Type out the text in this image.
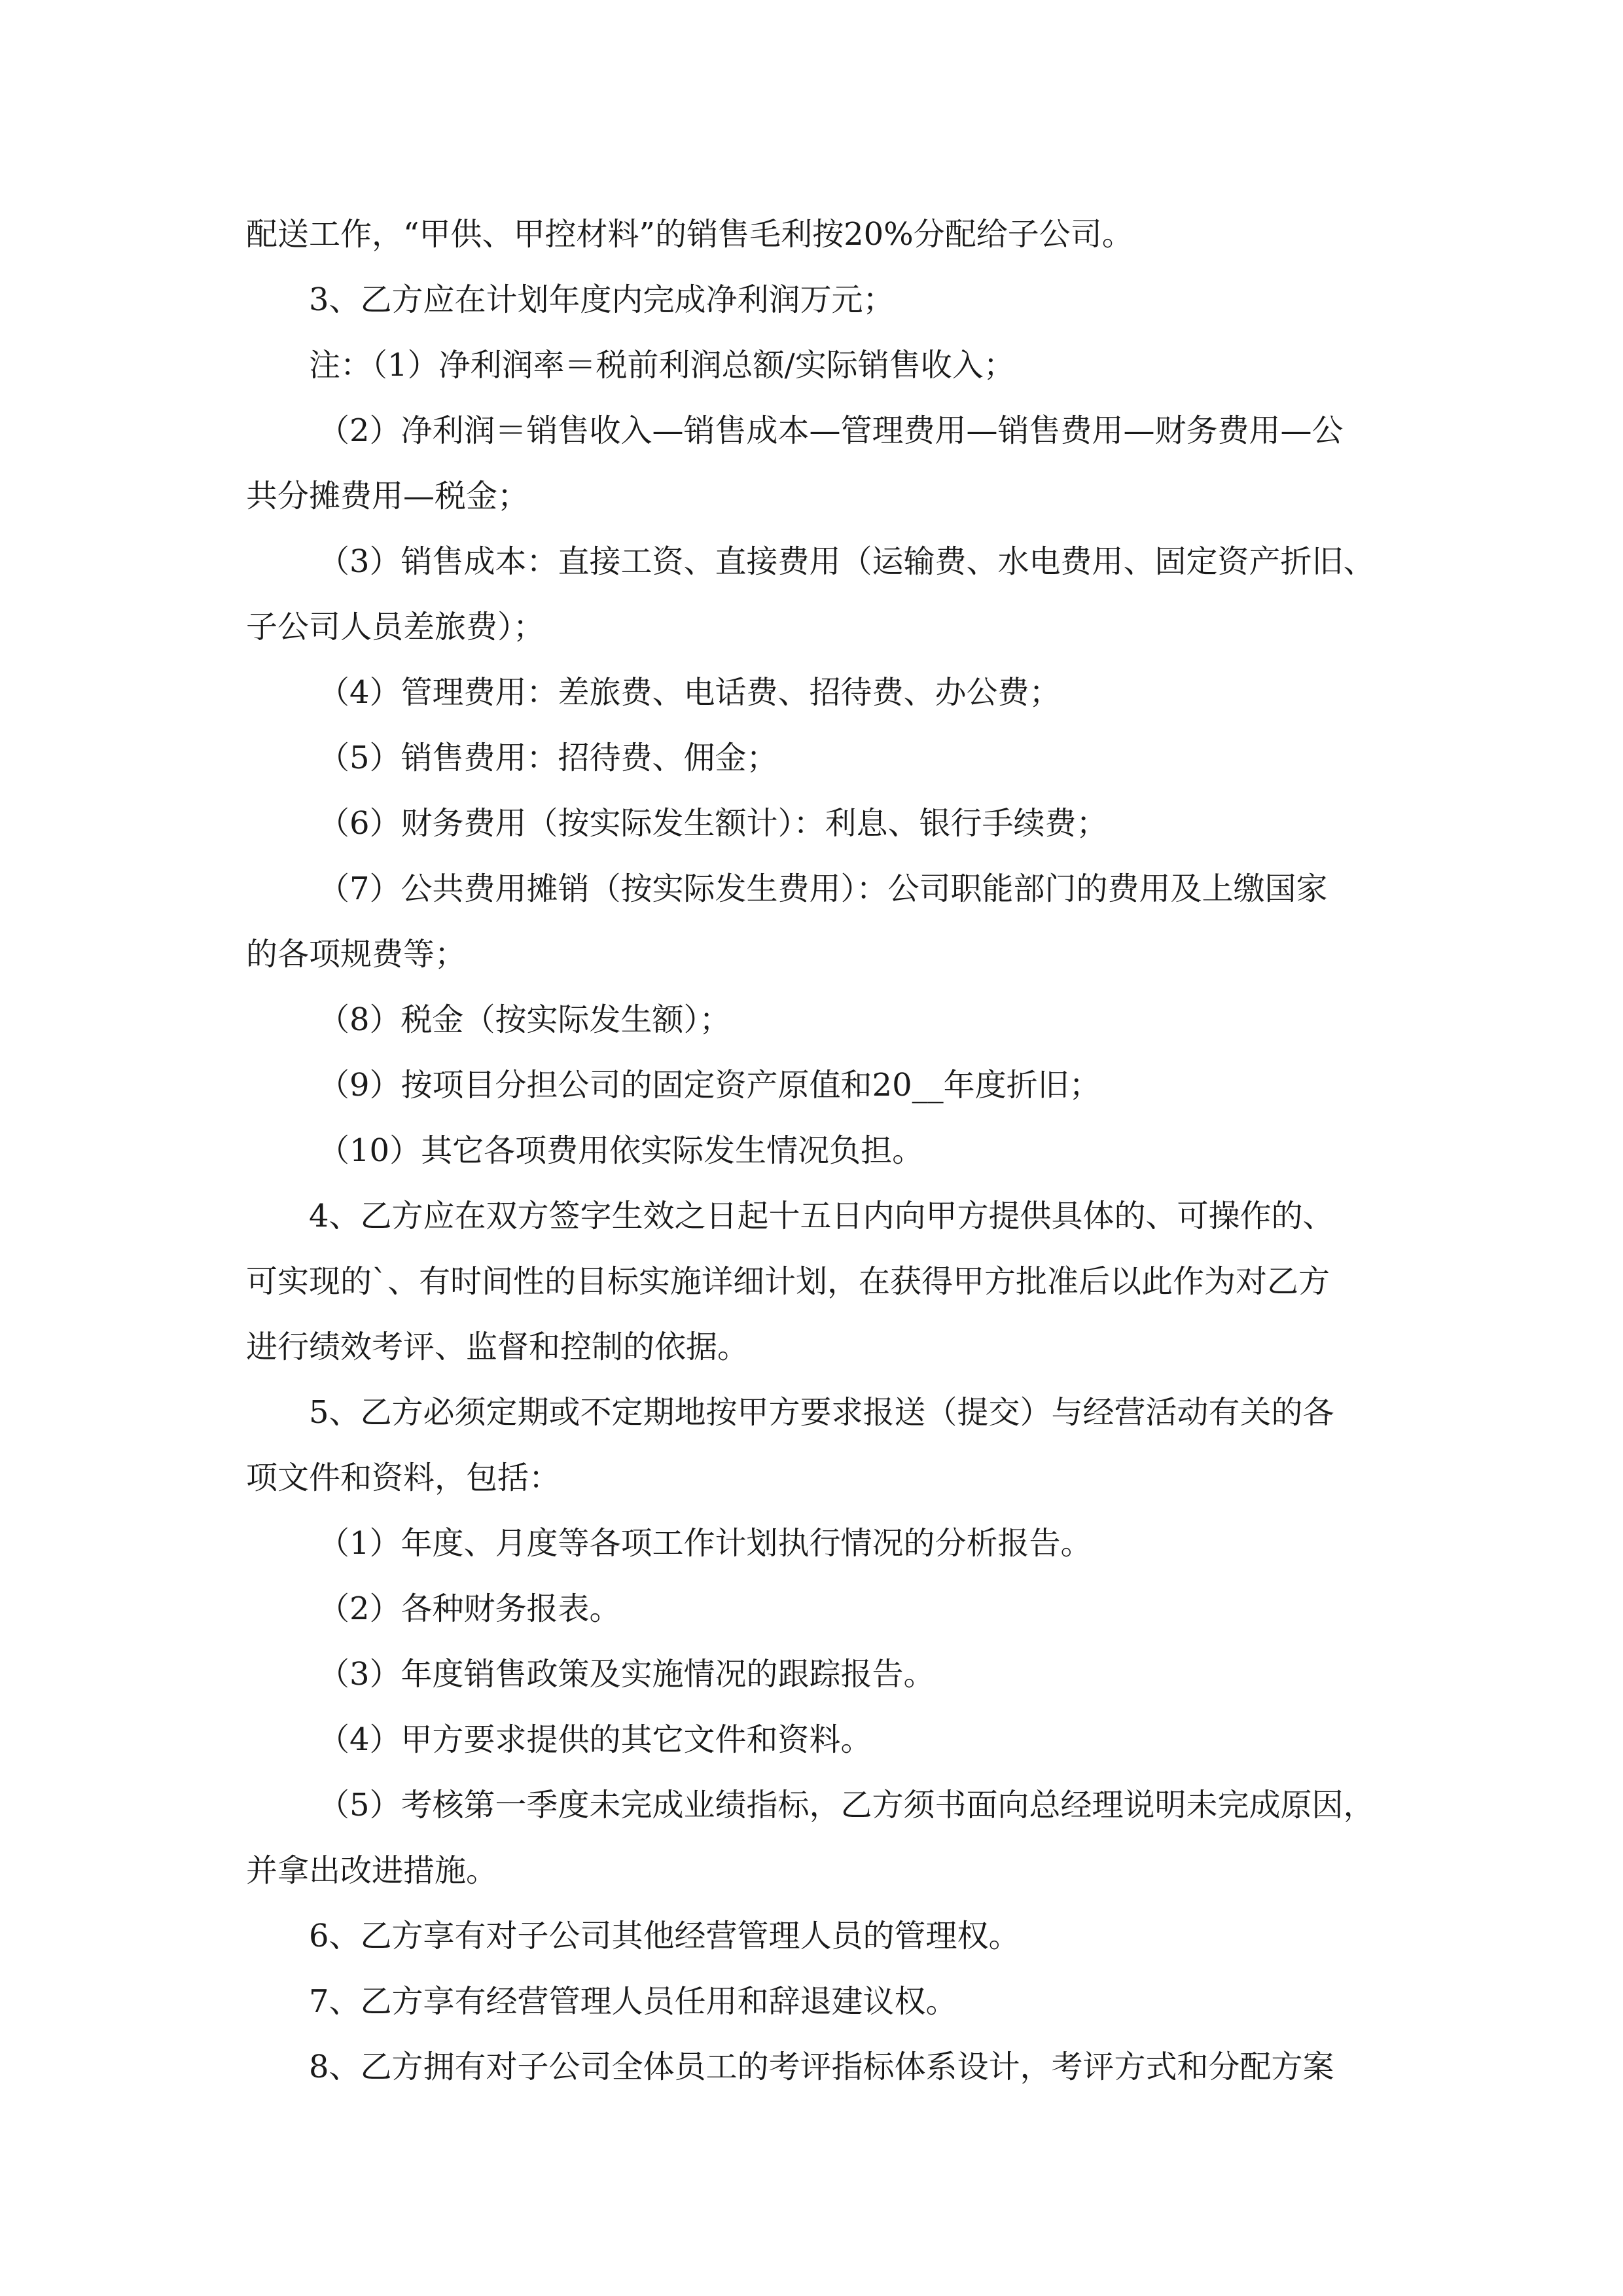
配送工作，“甲供、甲控材料”的销售毛利按20%分配给子公司。
3、乙方应在计划年度内完成净利润万元；
注：（1）净利润率＝税前利润总额/实际销售收入；
（2）净利润＝销售收入—销售成本—管理费用—销售费用—财务费用—公
共分摊费用—税金；
（3）销售成本：直接工资、直接费用（运输费、水电费用、固定资产折旧、
子公司人员差旅费）；
（4）管理费用：差旅费、电话费、招待费、办公费；
（5）销售费用：招待费、佣金；
（6）财务费用（按实际发生额计）：利息、银行手续费；
（7）公共费用摊销（按实际发生费用）：公司职能部门的费用及上缴国家
的各项规费等；
（8）税金（按实际发生额）；
（9）按项目分担公司的固定资产原值和20__年度折旧；
（10）其它各项费用依实际发生情况负担。
4、乙方应在双方签字生效之日起十五日内向甲方提供具体的、可操作的、
可实现的`、有时间性的目标实施详细计划，在获得甲方批准后以此作为对乙方
进行绩效考评、监督和控制的依据。
5、乙方必须定期或不定期地按甲方要求报送（提交）与经营活动有关的各
项文件和资料，包括：
（1）年度、月度等各项工作计划执行情况的分析报告。
（2）各种财务报表。
（3）年度销售政策及实施情况的跟踪报告。
（4）甲方要求提供的其它文件和资料。
（5）考核第一季度未完成业绩指标，乙方须书面向总经理说明未完成原因，
并拿出改进措施。
6、乙方享有对子公司其他经营管理人员的管理权。
7、乙方享有经营管理人员任用和辞退建议权。
8、乙方拥有对子公司全体员工的考评指标体系设计，考评方式和分配方案
